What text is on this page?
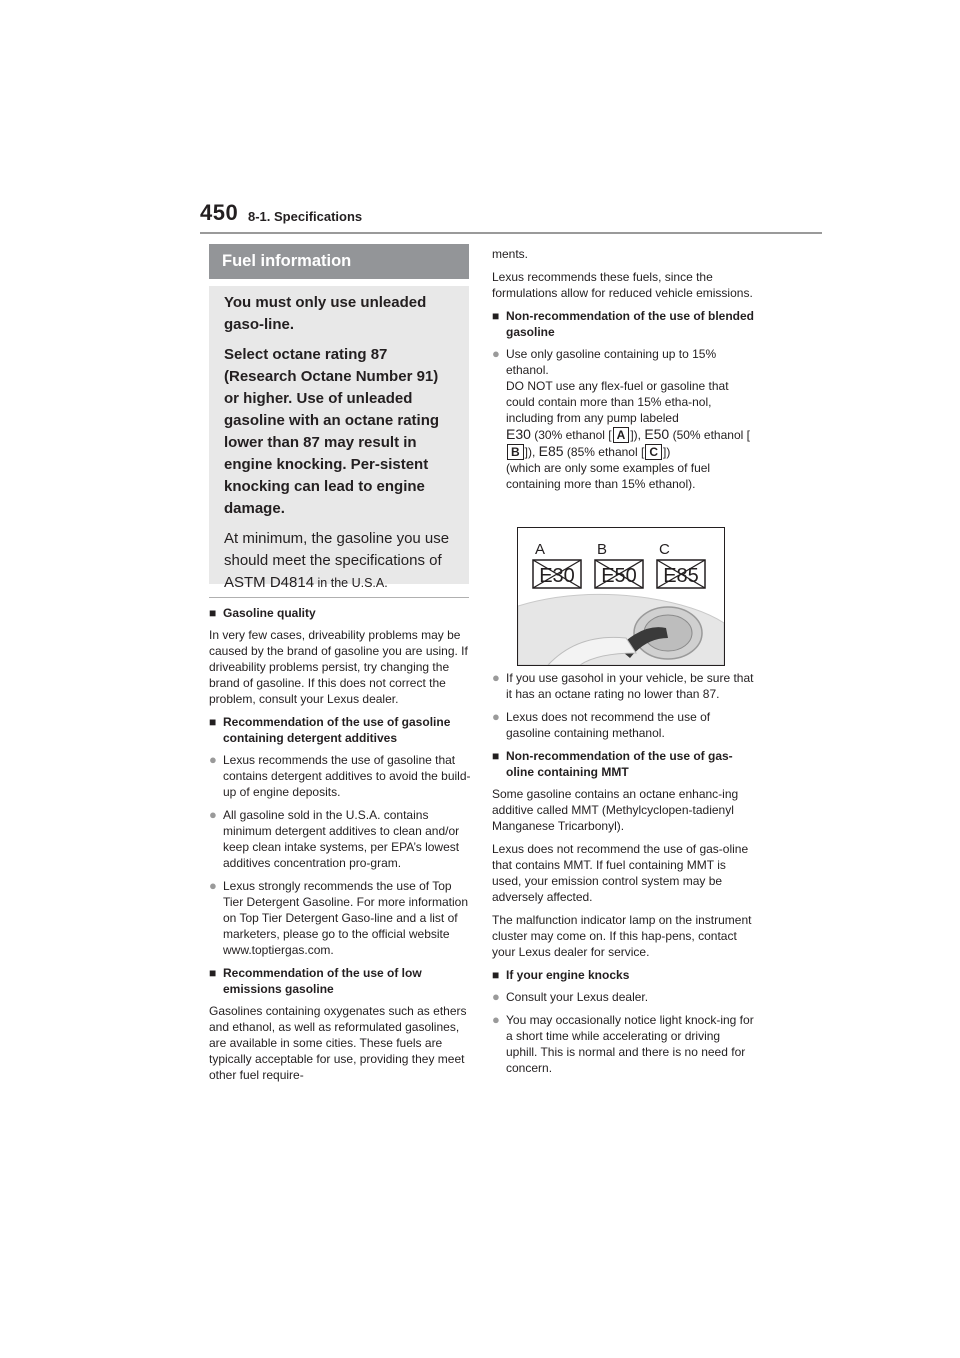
450 8-1. Specifications
Fuel information

You must only use unleaded gaso-line.

Select octane rating 87 (Research Octane Number 91) or higher. Use of unleaded gasoline with an octane rating lower than 87 may result in engine knocking. Per-sistent knocking can lead to engine damage.

At minimum, the gasoline you use should meet the specifications of ASTM D4814 in the U.S.A.

■ Gasoline quality

In very few cases, driveability problems may be caused by the brand of gasoline you are using. If driveability problems persist, try changing the brand of gasoline. If this does not correct the problem, consult your Lexus dealer.

■ Recommendation of the use of gasoline containing detergent additives

● Lexus recommends the use of gasoline that contains detergent additives to avoid the build-up of engine deposits.

● All gasoline sold in the U.S.A. contains minimum detergent additives to clean and/or keep clean intake systems, per EPA’s lowest additives concentration pro-gram.

● Lexus strongly recommends the use of Top Tier Detergent Gasoline. For more information on Top Tier Detergent Gaso-line and a list of marketers, please go to the official website www.toptiergas.com.

■ Recommendation of the use of low emissions gasoline

Gasolines containing oxygenates such as ethers and ethanol, as well as reformulated gasolines, are available in some cities. These fuels are typically acceptable for use, providing they meet other fuel require-

ments.

Lexus recommends these fuels, since the formulations allow for reduced vehicle emissions.

■ Non-recommendation of the use of blended gasoline

● Use only gasoline containing up to 15% ethanol.
DO NOT use any flex-fuel or gasoline that could contain more than 15% etha-nol, including from any pump labeled
E30 (30% ethanol [ A ]), E50 (50% ethanol [B ]), E85 (85% ethanol [ C ])
(which are only some examples of fuel containing more than 15% ethanol).

A	B	C
E30 E50 E85

● If you use gasohol in your vehicle, be sure that it has an octane rating no lower than 87.

● Lexus does not recommend the use of gasoline containing methanol.

■ Non-recommendation of the use of gas-oline containing MMT

Some gasoline contains an octane enhanc-ing additive called MMT (Methylcyclopen-tadienyl Manganese Tricarbonyl).

Lexus does not recommend the use of gas-oline that contains MMT. If fuel containing MMT is used, your emission control system may be adversely affected.

The malfunction indicator lamp on the instrument cluster may come on. If this hap-pens, contact your Lexus dealer for service.

■ If your engine knocks

● Consult your Lexus dealer.

● You may occasionally notice light knock-ing for a short time while accelerating or driving uphill. This is normal and there is no need for concern.
